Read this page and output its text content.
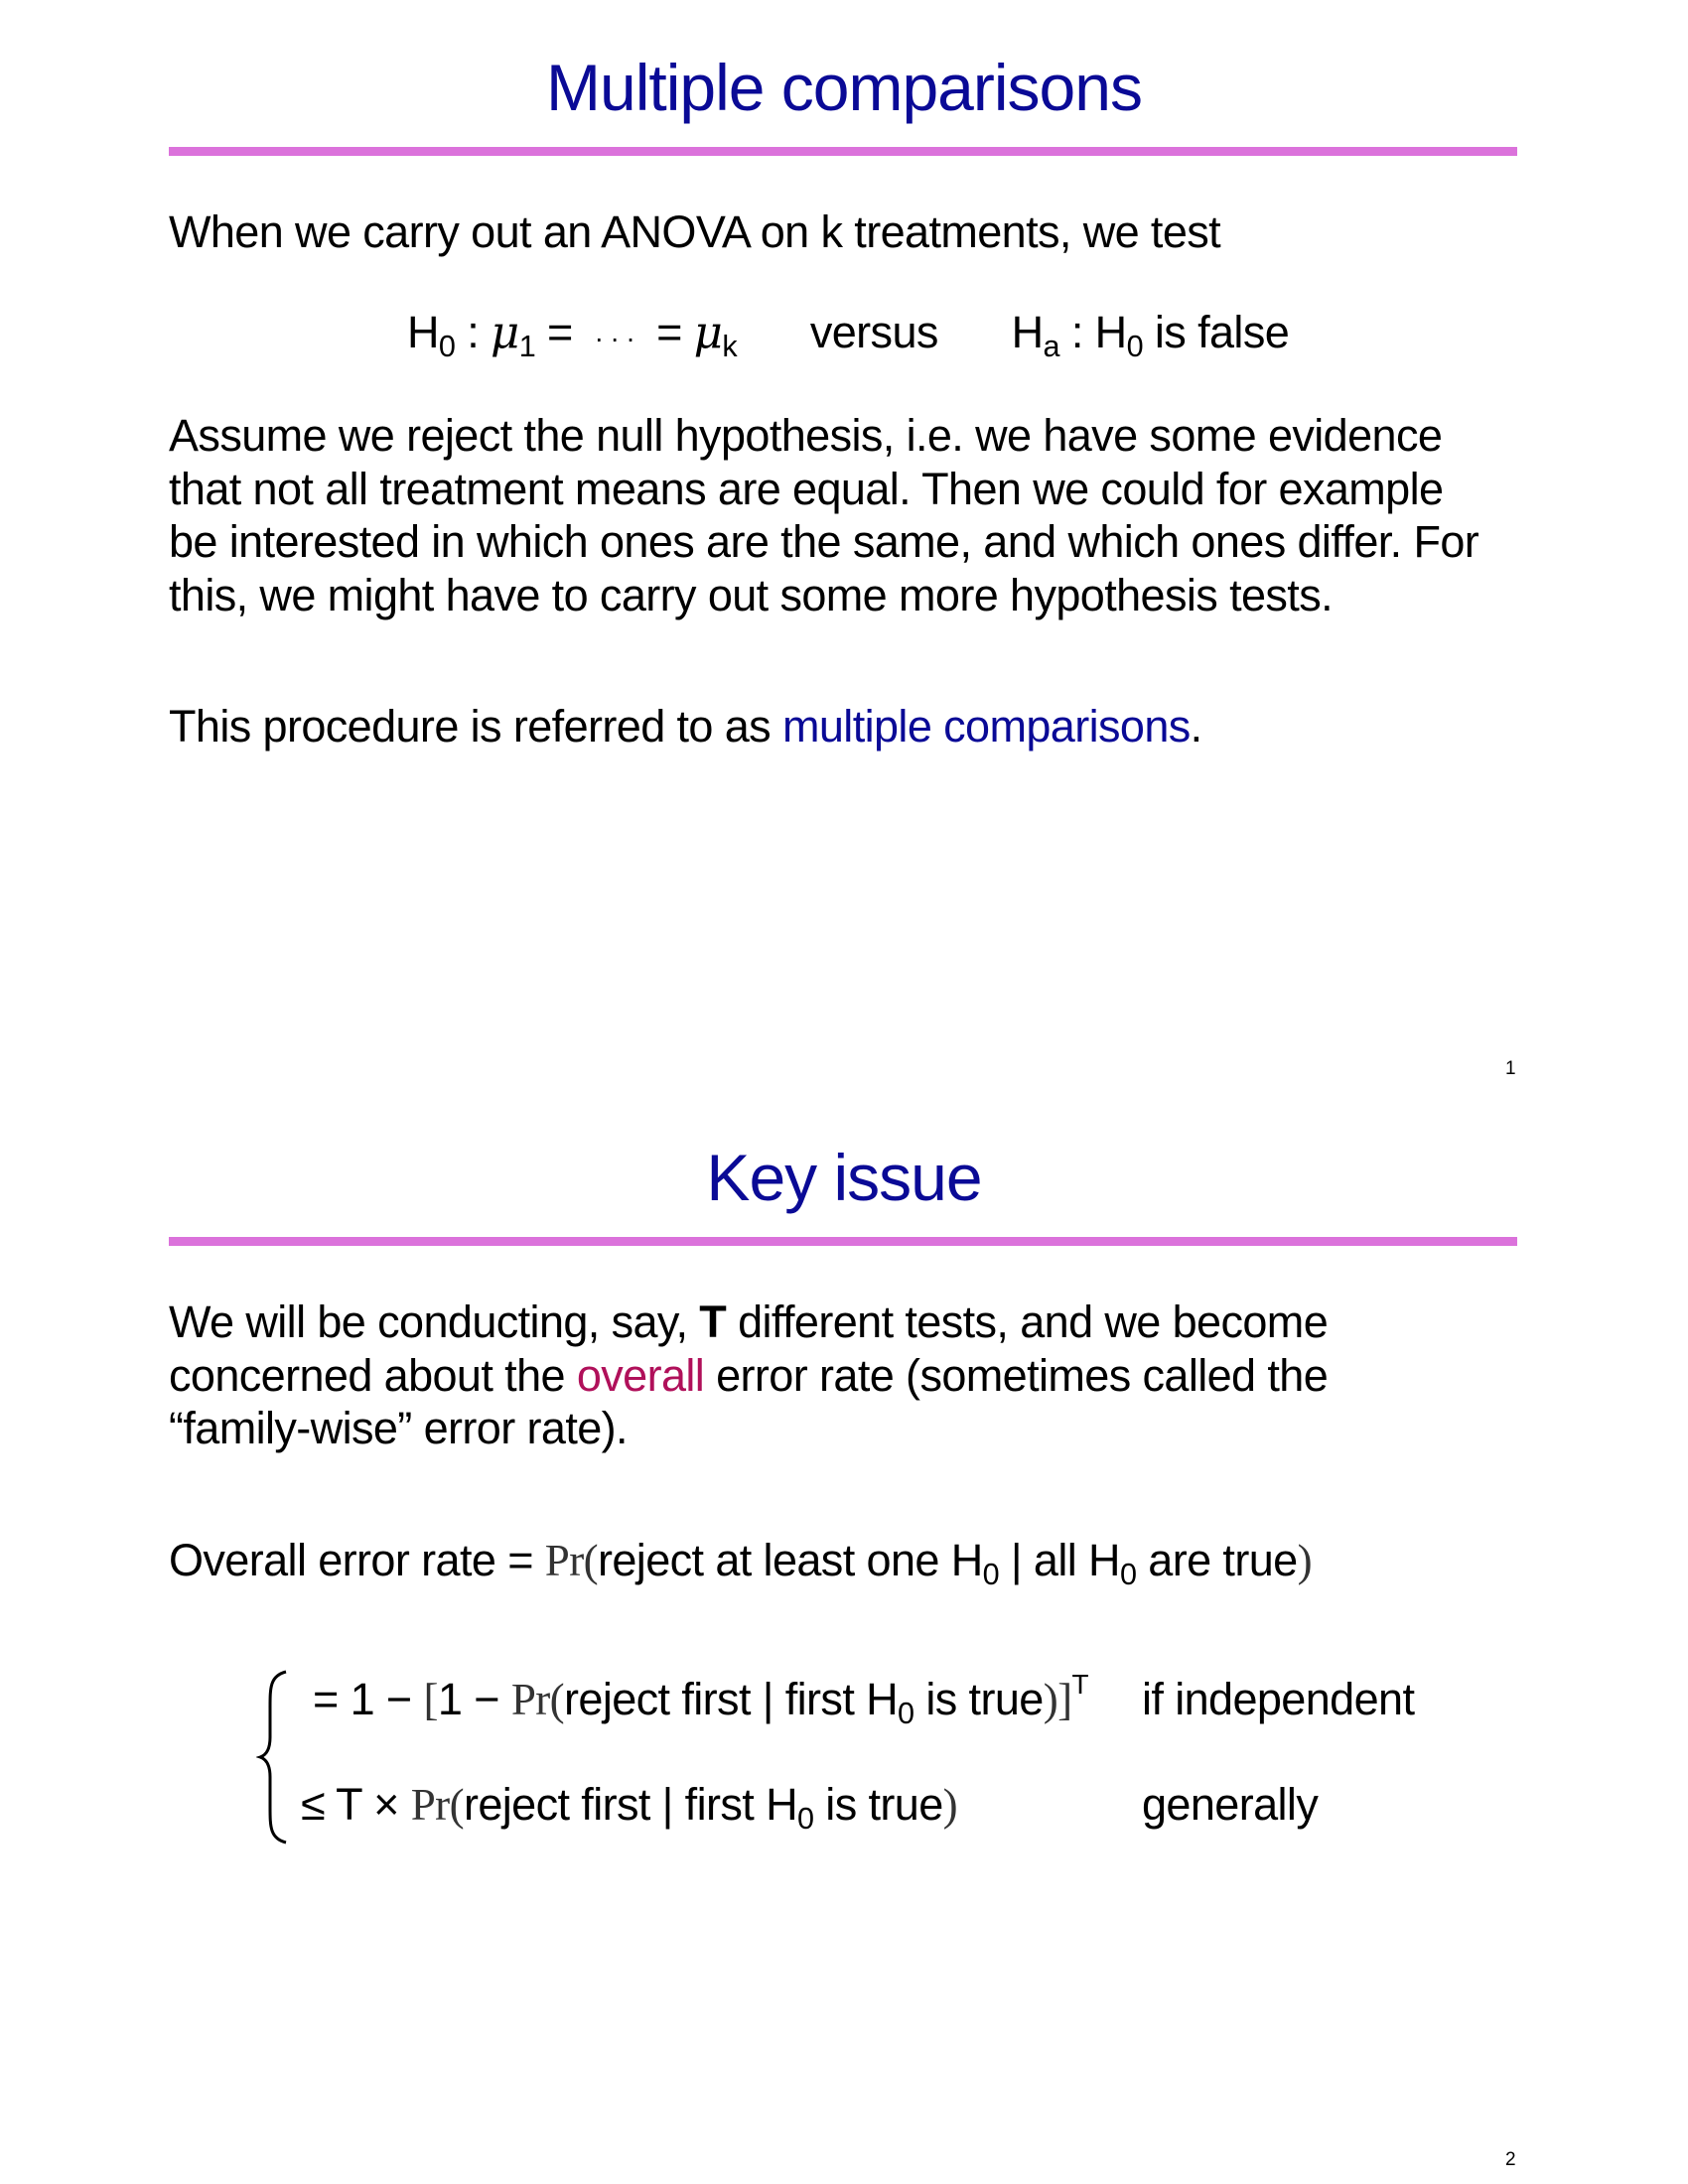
Multiple comparisons
When we carry out an ANOVA on k treatments, we test
$H_0$ : $\mu_1$ = · · · = $\mu_k$ versus $H_a$ : $H_0$ is false
Assume we reject the null hypothesis, i.e. we have some evidence
that not all treatment means are equal. Then we could for example
be interested in which ones are the same, and which ones differ. For
this, we might have to carry out some more hypothesis tests.
This procedure is referred to as multiple comparisons.
1
Key issue
We will be conducting, say, T different tests, and we become
concerned about the overall error rate (sometimes called the
“family-wise” error rate).
Overall error rate = Pr(reject at least one $H_0$ | all $H_0$ are true)
= 1 − [1 − Pr(reject first | first $H_0$ is true)]$^T$ if independent
≤ T × Pr(reject first | first $H_0$ is true)	generally
2
